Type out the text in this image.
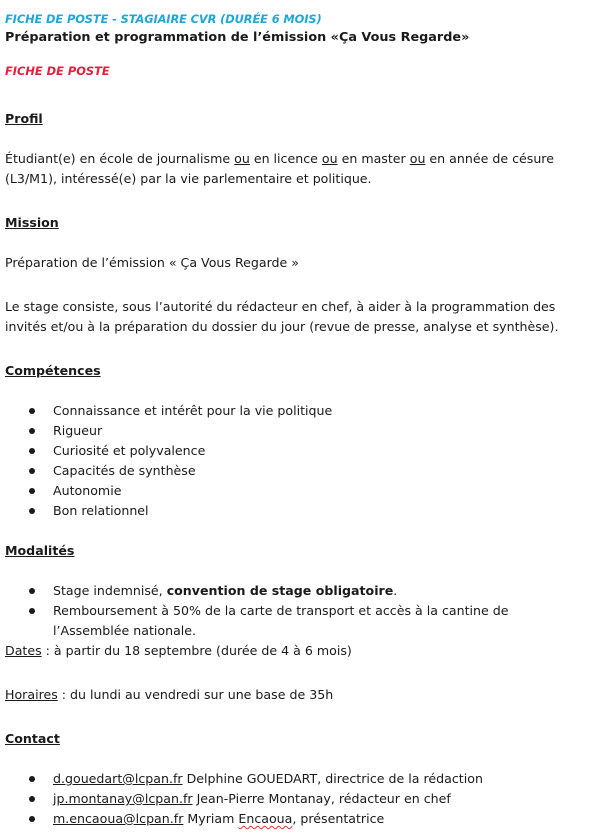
FICHE DE POSTE - STAGIAIRE CVR (DURÉE 6 MOIS)
Préparation et programmation de l’émission «Ça Vous Regarde»
FICHE DE POSTE
Profil
Étudiant(e) en école de journalisme ou en licence ou en master ou en année de césure
(L3/M1), intéressé(e) par la vie parlementaire et politique.
Mission
Préparation de l’émission « Ça Vous Regarde »
Le stage consiste, sous l’autorité du rédacteur en chef, à aider à la programmation des
invités et/ou à la préparation du dossier du jour (revue de presse, analyse et synthèse).
Compétences
Connaissance et intérêt pour la vie politique
Rigueur
Curiosité et polyvalence
Capacités de synthèse
Autonomie
Bon relationnel
Modalités
Stage indemnisé, convention de stage obligatoire.
Remboursement à 50% de la carte de transport et accès à la cantine de
l’Assemblée nationale.
Dates : à partir du 18 septembre (durée de 4 à 6 mois)
Horaires : du lundi au vendredi sur une base de 35h
Contact
d.gouedart@lcpan.fr Delphine GOUEDART, directrice de la rédaction
jp.montanay@lcpan.fr Jean-Pierre Montanay, rédacteur en chef
m.encaoua@lcpan.fr Myriam Encaoua, présentatrice
